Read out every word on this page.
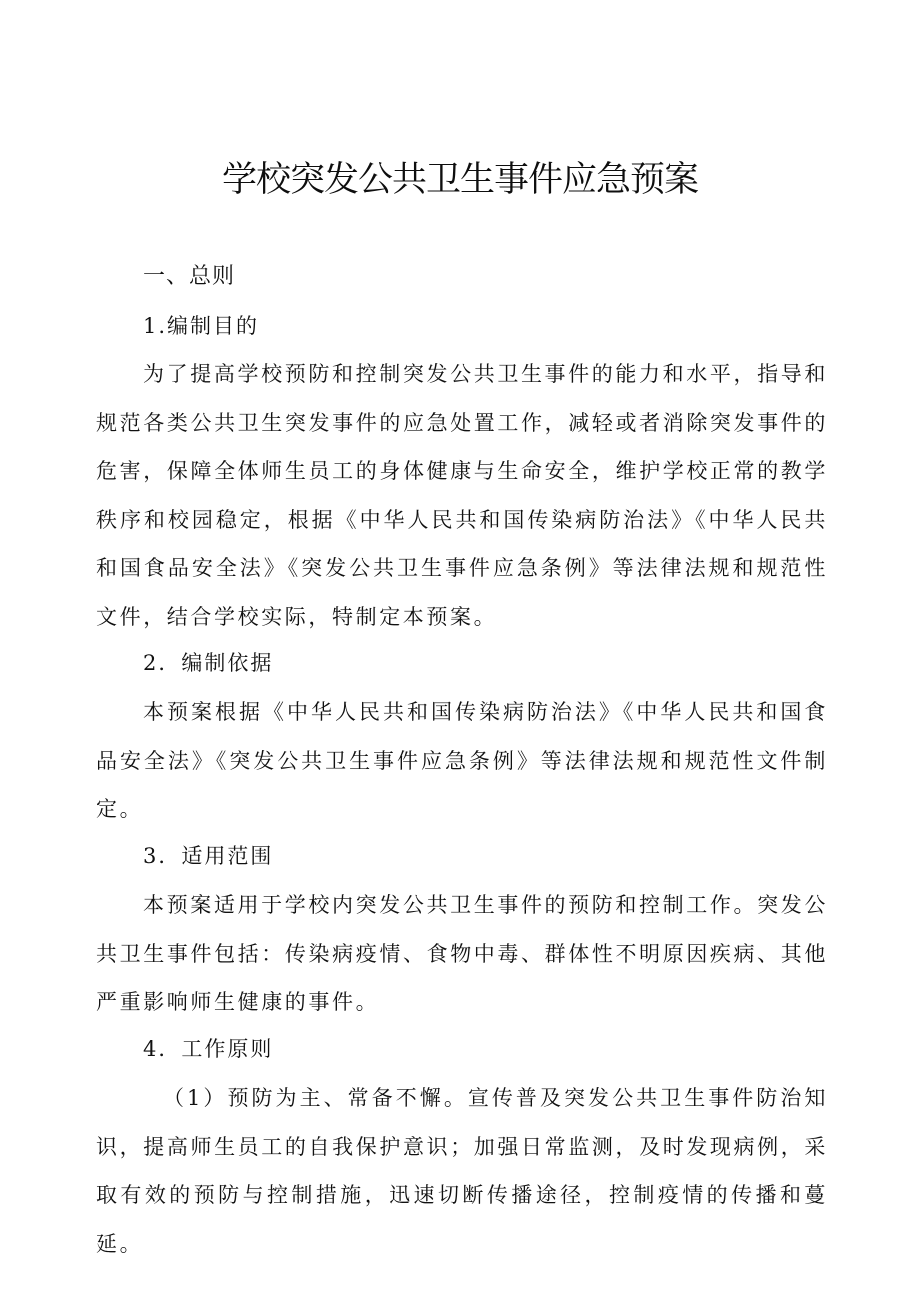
学校突发公共卫生事件应急预案
一、总则
1.编制目的

为了提高学校预防和控制突发公共卫生事件的能力和水平，指导和规范各类公共卫生突发事件的应急处置工作，减轻或者消除突发事件的危害，保障全体师生员工的身体健康与生命安全，维护学校正常的教学秩序和校园稳定，根据《中华人民共和国传染病防治法》《中华人民共和国食品安全法》《突发公共卫生事件应急条例》等法律法规和规范性文件，结合学校实际，特制定本预案。

2．编制依据

本预案根据《中华人民共和国传染病防治法》《中华人民共和国食品安全法》《突发公共卫生事件应急条例》等法律法规和规范性文件制定。

3．适用范围

本预案适用于学校内突发公共卫生事件的预防和控制工作。突发公共卫生事件包括：传染病疫情、食物中毒、群体性不明原因疾病、其他严重影响师生健康的事件。

4．工作原则

（1）预防为主、常备不懈。宣传普及突发公共卫生事件防治知识，提高师生员工的自我保护意识；加强日常监测，及时发现病例，采取有效的预防与控制措施，迅速切断传播途径，控制疫情的传播和蔓延。
